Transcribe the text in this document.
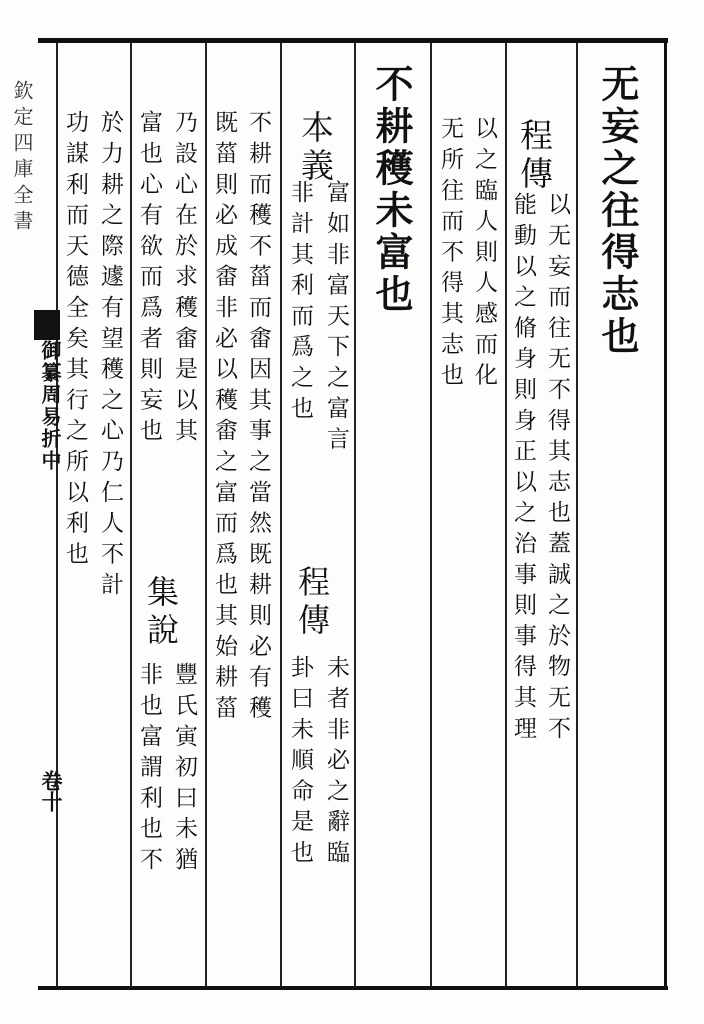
欽定四庫全書
御纂周易折中
卷十
无妄之往得志也
程傳
以无妄而往无不得其志也蓋誠之於物无不
能動以之脩身則身正以之治事則事得其理
以之臨人則人感而化
无所往而不得其志也
不耕穫未富也
本義
富如非富天下之富言
非計其利而爲之也
程傳
未者非必之辭臨
卦曰未順命是也
不耕而穫不菑而畬因其事之當然既耕則必有穫
既菑則必成畬非必以穫畬之富而爲也其始耕菑
乃設心在於求穫畬是以其
富也心有欲而爲者則妄也
集說
豐氏寅初曰未猶
非也富謂利也不
於力耕之際遽有望穫之心乃仁人不計
功謀利而天德全矣其行之所以利也
